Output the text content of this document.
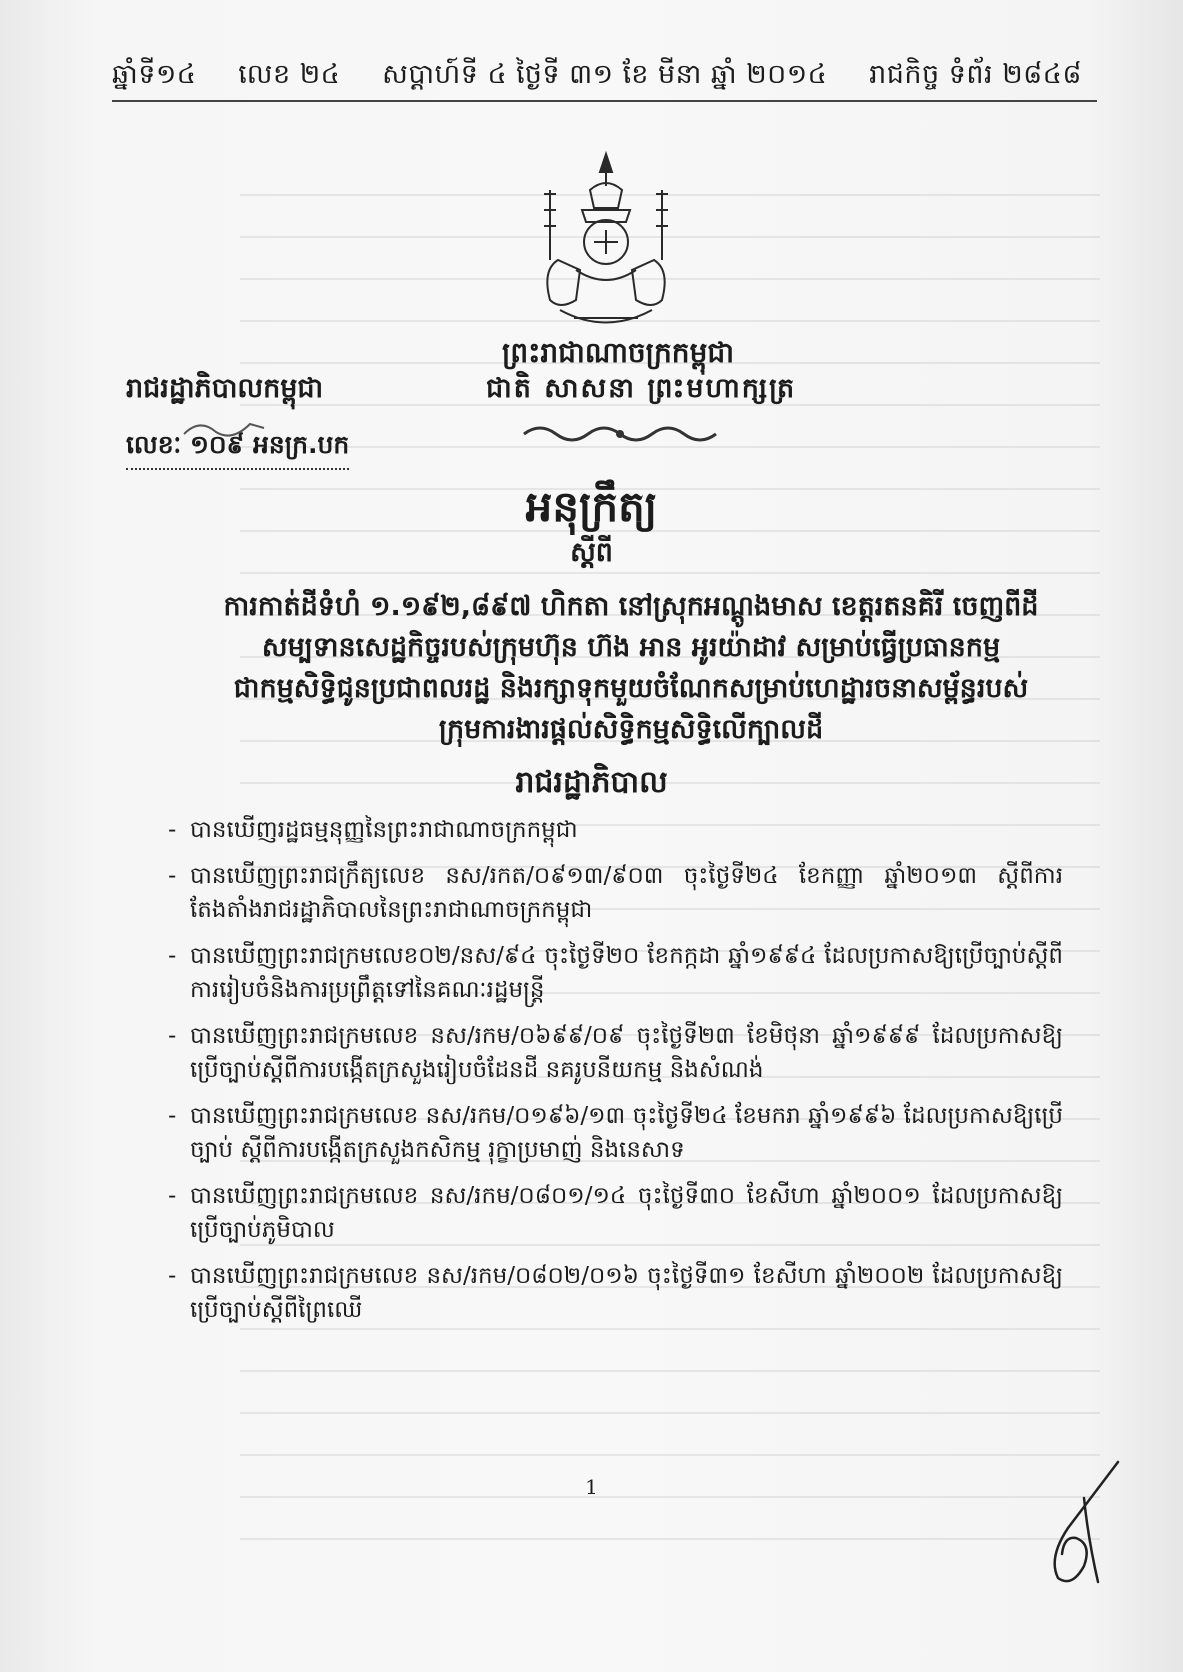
ឆ្នាំទី១៤ លេខ ២៤ សប្តាហ៍ទី ៤ ថ្ងៃទី ៣១ ខែ មីនា ឆ្នាំ ២០១៤ រាជកិច្ច ទំព័រ ២៨៤៨
ព្រះរាជាណាចក្រកម្ពុជា
រាជរដ្ឋាភិបាលកម្ពុជា	ជាតិ សាសនា ព្រះមហាក្សត្រ
លេខៈ ១០៩ អនក្រ.បក
អនុក្រឹត្យ
ស្តីពី
ការកាត់ដីទំហំ ១.១៩២,៨៩៧ ហិកតា នៅស្រុកអណ្តូងមាស ខេត្តរតនគិរី ចេញពីដី
សម្បទានសេដ្ឋកិច្ចរបស់ក្រុមហ៊ុន ហ៊ង អាន អូរយ៉ាដាវ សម្រាប់ធ្វើប្រធានកម្ម
ជាកម្មសិទ្ធិជូនប្រជាពលរដ្ឋ និងរក្សាទុកមួយចំណែកសម្រាប់ហេដ្ឋារចនាសម្ព័ន្ធរបស់
ក្រុមការងារផ្តល់សិទ្ធិកម្មសិទ្ធិលើក្បាលដី
រាជរដ្ឋាភិបាល
- បានឃើញរដ្ឋធម្មនុញ្ញនៃព្រះរាជាណាចក្រកម្ពុជា
- បានឃើញព្រះរាជក្រឹត្យលេខ នស/រកត/០៩១៣/៩០៣ ចុះថ្ងៃទី២៤ ខែកញ្ញា ឆ្នាំ២០១៣ ស្តីពីការតែងតាំងរាជរដ្ឋាភិបាលនៃព្រះរាជាណាចក្រកម្ពុជា
- បានឃើញព្រះរាជក្រមលេខ០២/នស/៩៤ ចុះថ្ងៃទី២០ ខែកក្កដា ឆ្នាំ១៩៩៤ ដែលប្រកាសឱ្យប្រើច្បាប់ស្តីពីការរៀបចំនិងការប្រព្រឹត្តទៅនៃគណៈរដ្ឋមន្ត្រី
- បានឃើញព្រះរាជក្រមលេខ នស/រកម/០៦៩៩/០៩ ចុះថ្ងៃទី២៣ ខែមិថុនា ឆ្នាំ១៩៩៩ ដែលប្រកាសឱ្យប្រើច្បាប់ស្តីពីការបង្កើតក្រសួងរៀបចំដែនដី នគរូបនីយកម្ម និងសំណង់
- បានឃើញព្រះរាជក្រមលេខ នស/រកម/០១៩៦/១៣ ចុះថ្ងៃទី២៤ ខែមករា ឆ្នាំ១៩៩៦ ដែលប្រកាសឱ្យប្រើច្បាប់ ស្តីពីការបង្កើតក្រសួងកសិកម្ម រុក្ខាប្រមាញ់ និងនេសាទ
- បានឃើញព្រះរាជក្រមលេខ នស/រកម/០៨០១/១៤ ចុះថ្ងៃទី៣០ ខែសីហា ឆ្នាំ២០០១ ដែលប្រកាសឱ្យប្រើច្បាប់ភូមិបាល
- បានឃើញព្រះរាជក្រមលេខ នស/រកម/០៨០២/០១៦ ចុះថ្ងៃទី៣១ ខែសីហា ឆ្នាំ២០០២ ដែលប្រកាសឱ្យប្រើច្បាប់ស្តីពីព្រៃឈើ
1
